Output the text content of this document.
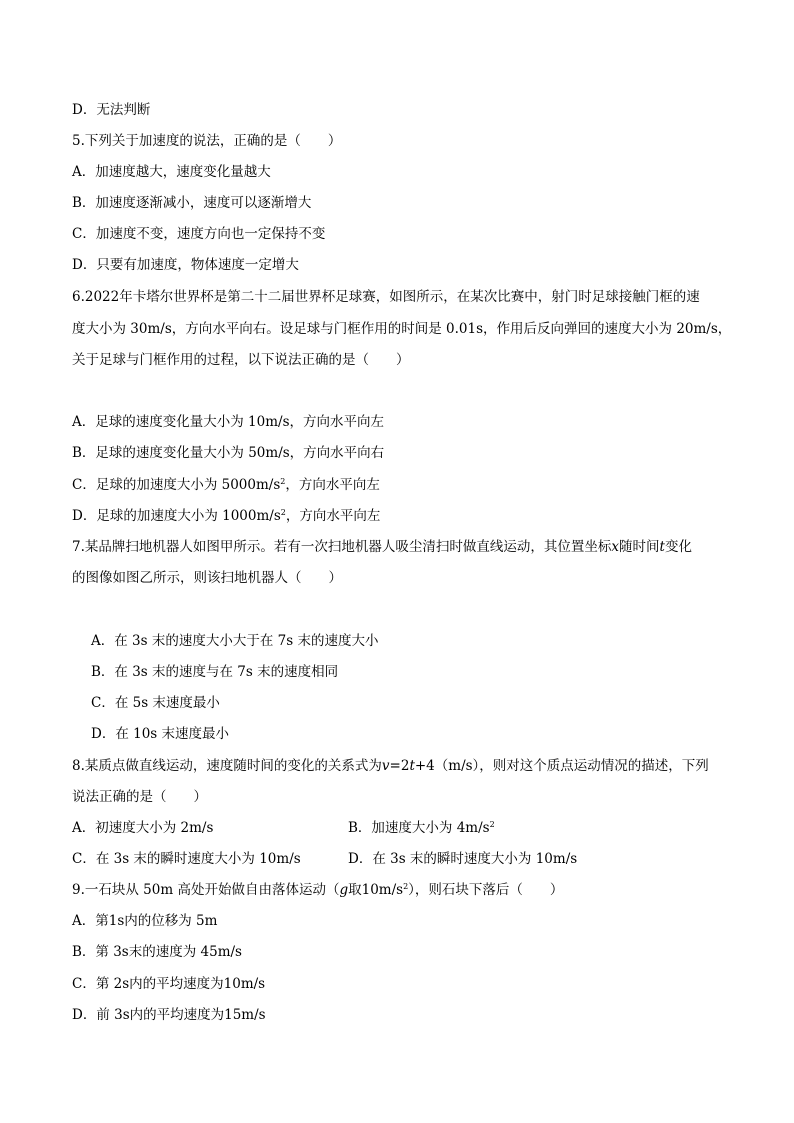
D．无法判断
5.下列关于加速度的说法，正确的是（　　）
A．加速度越大，速度变化量越大
B．加速度逐渐减小，速度可以逐渐增大
C．加速度不变，速度方向也一定保持不变
D．只要有加速度，物体速度一定增大
6.2022年卡塔尔世界杯是第二十二届世界杯足球赛，如图所示，在某次比赛中，射门时足球接触门框的速
度大小为 30m/s，方向水平向右。设足球与门框作用的时间是 0.01s，作用后反向弹回的速度大小为 20m/s，
关于足球与门框作用的过程，以下说法正确的是（　　）
A．足球的速度变化量大小为 10m/s，方向水平向左
B．足球的速度变化量大小为 50m/s，方向水平向右
C．足球的加速度大小为 $5000m/s^2$，方向水平向左
D．足球的加速度大小为 $1000m/s^2$，方向水平向左
7.某品牌扫地机器人如图甲所示。若有一次扫地机器人吸尘清扫时做直线运动，其位置坐标x随时间t变化
的图像如图乙所示，则该扫地机器人（　　）
A．在 3s 末的速度大小大于在 7s 末的速度大小
B．在 3s 末的速度与在 7s 末的速度相同
C．在 5s 末速度最小
D．在 10s 末速度最小
8.某质点做直线运动，速度随时间的变化的关系式为v=2t+4（m/s），则对这个质点运动情况的描述，下列
说法正确的是（　　）
A．初速度大小为 2m/s	B．加速度大小为 $4m/s^2$
C．在 3s 末的瞬时速度大小为 10m/s	D．在 3s 末的瞬时速度大小为 10m/s
9.一石块从 50m 高处开始做自由落体运动（g取$10m/s^2$），则石块下落后（　　）
A．第1s内的位移为 5m
B．第 3s末的速度为 45m/s
C．第 2s内的平均速度为10m/s
D．前 3s内的平均速度为15m/s
